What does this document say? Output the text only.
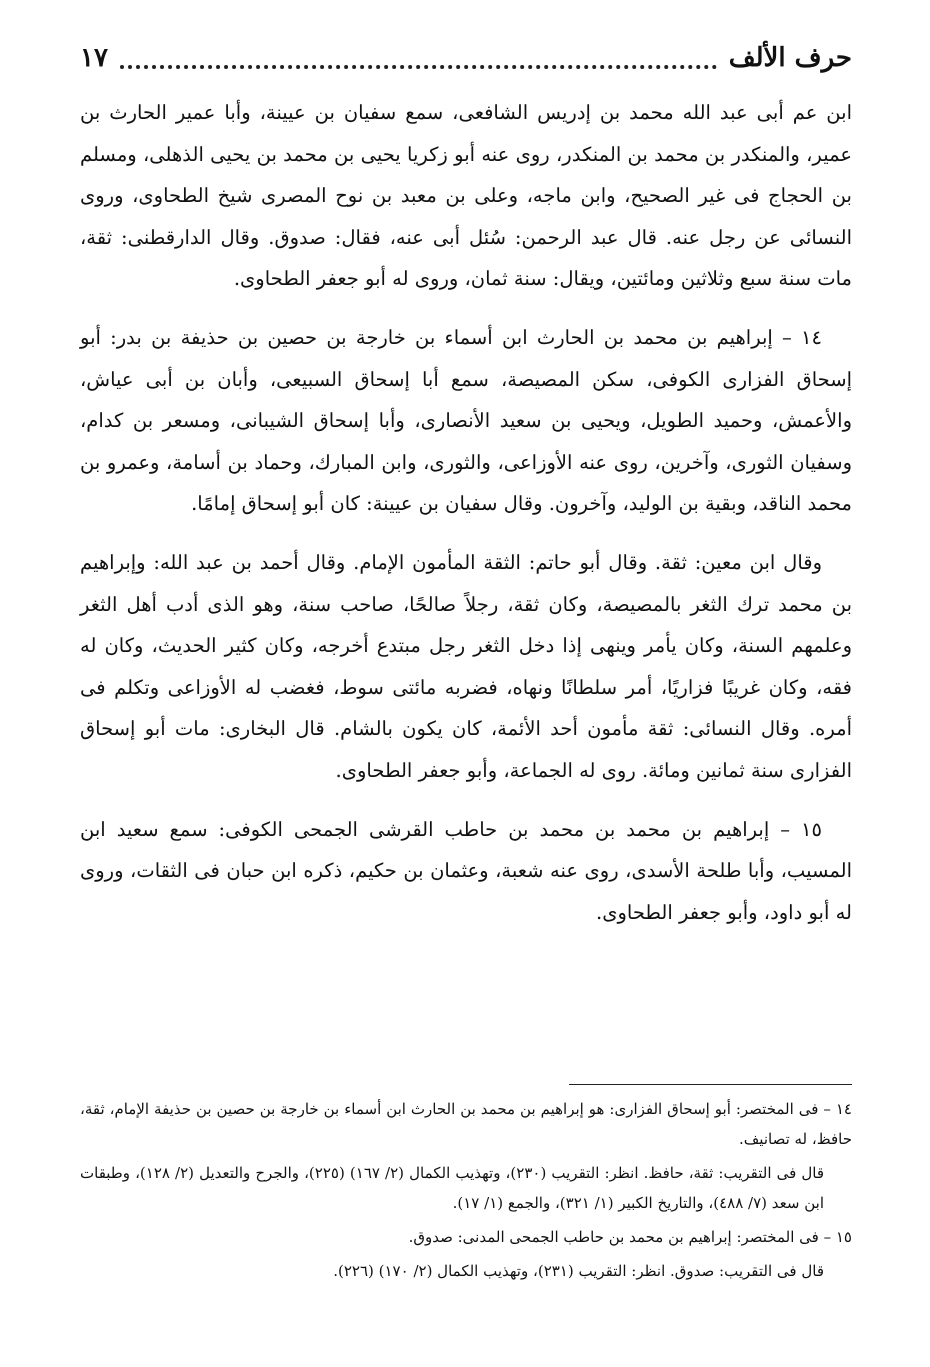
حرف الألف
١٧

ابن عم أبى عبد الله محمد بن إدريس الشافعى، سمع سفيان بن عيينة، وأبا عمير الحارث بن عمير، والمنكدر بن محمد بن المنكدر، روى عنه أبو زكريا يحيى بن محمد بن يحيى الذهلى، ومسلم بن الحجاج فى غير الصحيح، وابن ماجه، وعلى بن معبد بن نوح المصرى شيخ الطحاوى، وروى النسائى عن رجل عنه. قال عبد الرحمن: سُئل أبى عنه، فقال: صدوق. وقال الدارقطنى: ثقة، مات سنة سبع وثلاثين ومائتين، ويقال: سنة ثمان، وروى له أبو جعفر الطحاوى.

١٤ – إبراهيم بن محمد بن الحارث ابن أسماء بن خارجة بن حصين بن حذيفة بن بدر: أبو إسحاق الفزارى الكوفى، سكن المصيصة، سمع أبا إسحاق السبيعى، وأبان بن أبى عياش، والأعمش، وحميد الطويل، ويحيى بن سعيد الأنصارى، وأبا إسحاق الشيبانى، ومسعر بن كدام، وسفيان الثورى، وآخرين، روى عنه الأوزاعى، والثورى، وابن المبارك، وحماد بن أسامة، وعمرو بن محمد الناقد، وبقية بن الوليد، وآخرون. وقال سفيان بن عيينة: كان أبو إسحاق إمامًا.

وقال ابن معين: ثقة. وقال أبو حاتم: الثقة المأمون الإمام. وقال أحمد بن عبد الله: وإبراهيم بن محمد ترك الثغر بالمصيصة، وكان ثقة، رجلاً صالحًا، صاحب سنة، وهو الذى أدب أهل الثغر وعلمهم السنة، وكان يأمر وينهى إذا دخل الثغر رجل مبتدع أخرجه، وكان كثير الحديث، وكان له فقه، وكان غريبًا فزاريًا، أمر سلطانًا ونهاه، فضربه مائتى سوط، فغضب له الأوزاعى وتكلم فى أمره. وقال النسائى: ثقة مأمون أحد الأئمة، كان يكون بالشام. قال البخارى: مات أبو إسحاق الفزارى سنة ثمانين ومائة. روى له الجماعة، وأبو جعفر الطحاوى.

١٥ – إبراهيم بن محمد بن محمد بن حاطب القرشى الجمحى الكوفى: سمع سعيد ابن المسيب، وأبا طلحة الأسدى، روى عنه شعبة، وعثمان بن حكيم، ذكره ابن حبان فى الثقات، وروى له أبو داود، وأبو جعفر الطحاوى.

١٤ – فى المختصر: أبو إسحاق الفزارى: هو إبراهيم بن محمد بن الحارث ابن أسماء بن خارجة بن حصين بن حذيفة الإمام، ثقة، حافظ، له تصانيف.

قال فى التقريب: ثقة، حافظ. انظر: التقريب (٢٣٠)، وتهذيب الكمال (٢/ ١٦٧) (٢٢٥)، والجرح والتعديل (٢/ ١٢٨)، وطبقات ابن سعد (٧/ ٤٨٨)، والتاريخ الكبير (١/ ٣٢١)، والجمع (١/ ١٧).

١٥ – فى المختصر: إبراهيم بن محمد بن حاطب الجمحى المدنى: صدوق.

قال فى التقريب: صدوق. انظر: التقريب (٢٣١)، وتهذيب الكمال (٢/ ١٧٠) (٢٢٦).
